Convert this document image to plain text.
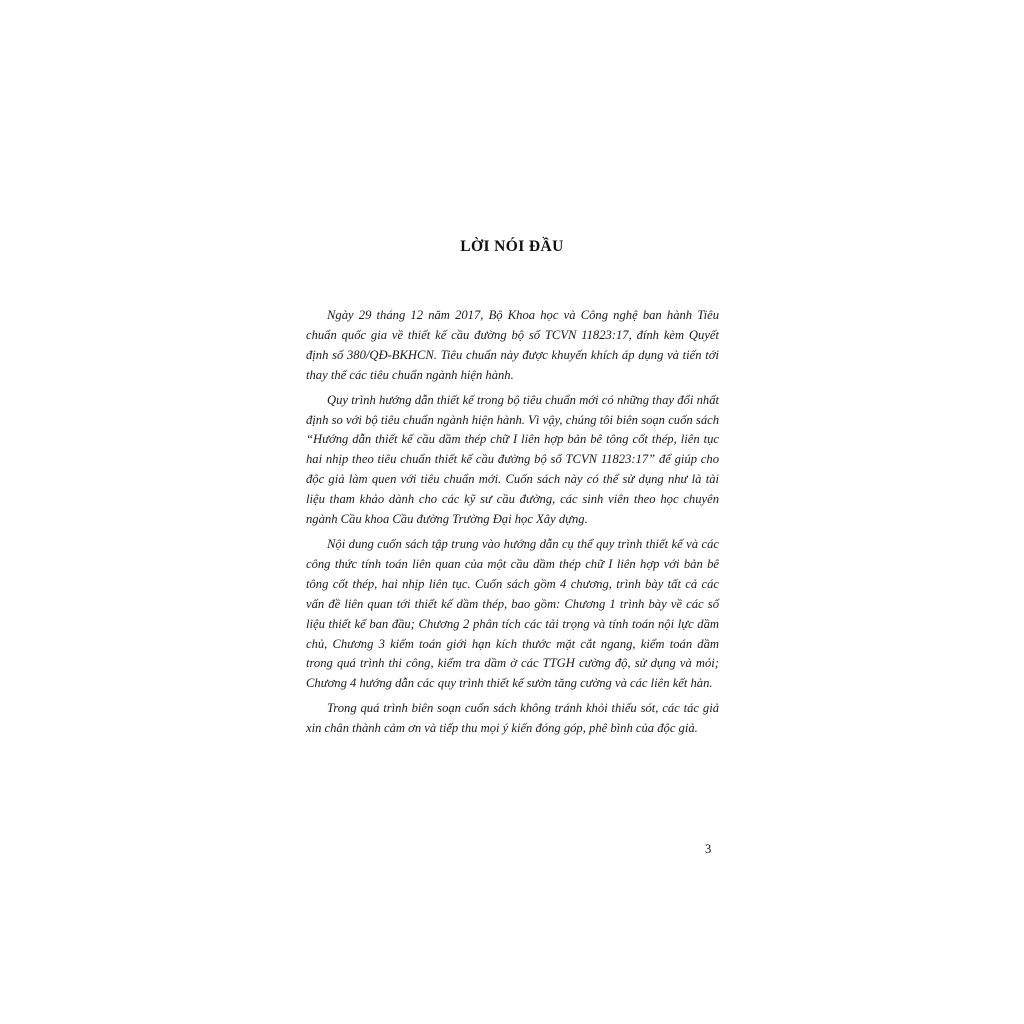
LỜI NÓI ĐẦU

Ngày 29 tháng 12 năm 2017, Bộ Khoa học và Công nghệ ban hành Tiêu chuẩn quốc gia về thiết kế cầu đường bộ số TCVN 11823:17, đính kèm Quyết định số 380/QĐ-BKHCN. Tiêu chuẩn này được khuyến khích áp dụng và tiến tới thay thế các tiêu chuẩn ngành hiện hành.

Quy trình hướng dẫn thiết kế trong bộ tiêu chuẩn mới có những thay đổi nhất định so với bộ tiêu chuẩn ngành hiện hành. Vì vậy, chúng tôi biên soạn cuốn sách “Hướng dẫn thiết kế cầu dầm thép chữ I liên hợp bản bê tông cốt thép, liên tục hai nhịp theo tiêu chuẩn thiết kế cầu đường bộ số TCVN 11823:17” để giúp cho độc giả làm quen với tiêu chuẩn mới. Cuốn sách này có thể sử dụng như là tài liệu tham khảo dành cho các kỹ sư cầu đường, các sinh viên theo học chuyên ngành Cầu khoa Cầu đường Trường Đại học Xây dựng.

Nội dung cuốn sách tập trung vào hướng dẫn cụ thể quy trình thiết kế và các công thức tính toán liên quan của một cầu dầm thép chữ I liên hợp với bản bê tông cốt thép, hai nhịp liên tục. Cuốn sách gồm 4 chương, trình bày tất cả các vấn đề liên quan tới thiết kế dầm thép, bao gồm: Chương 1 trình bày về các số liệu thiết kế ban đầu; Chương 2 phân tích các tải trọng và tính toán nội lực dầm chủ, Chương 3 kiểm toán giới hạn kích thước mặt cắt ngang, kiểm toán dầm trong quá trình thi công, kiểm tra dầm ở các TTGH cường độ, sử dụng và mỏi; Chương 4 hướng dẫn các quy trình thiết kế sườn tăng cường và các liên kết hàn.

Trong quá trình biên soạn cuốn sách không tránh khỏi thiếu sót, các tác giả xin chân thành cảm ơn và tiếp thu mọi ý kiến đóng góp, phê bình của độc giả.

3
